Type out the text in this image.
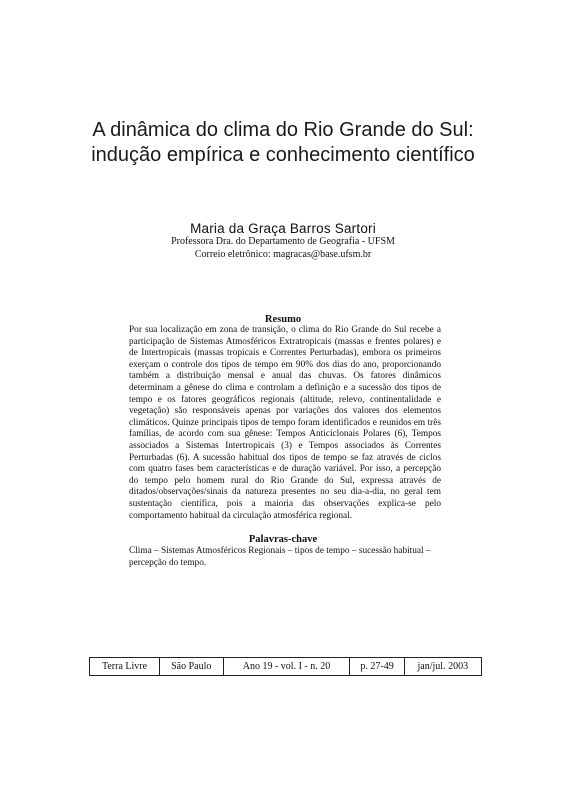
A dinâmica do clima do Rio Grande do Sul:
indução empírica e conhecimento científico
Maria da Graça Barros Sartori
Professora Dra. do Departamento de Geografia - UFSM
Correio eletrônico: magracas@base.ufsm.br
Resumo
Por sua localização em zona de transição, o clima do Rio Grande do Sul recebe a participação de Sistemas Atmosféricos Extratropicais (massas e frentes polares) e de Intertropicais (massas tropicais e Correntes Perturbadas), embora os primeiros exerçam o controle dos tipos de tempo em 90% dos dias do ano, proporcionando também a distribuição mensal e anual das chuvas. Os fatores dinâmicos determinam a gênese do clima e controlam a definição e a sucessão dos tipos de tempo e os fatores geográficos regionais (altitude, relevo, continentalidade e vegetação) são responsáveis apenas por variações dos valores dos elementos climáticos. Quinze principais tipos de tempo foram identificados e reunidos em três famílias, de acordo com sua gênese: Tempos Anticiclonais Polares (6), Tempos associados a Sistemas Intertropicais (3) e Tempos associados às Correntes Perturbadas (6). A sucessão habitual dos tipos de tempo se faz através de ciclos com quatro fases bem características e de duração variável. Por isso, a percepção do tempo pelo homem rural do Rio Grande do Sul, expressa através de ditados/observações/sinais da natureza presentes no seu dia-a-dia, no geral tem sustentação científica, pois a maioria das observações explica-se pelo comportamento habitual da circulação atmosférica regional.
Palavras-chave
Clima – Sistemas Atmosféricos Regionais – tipos de tempo – sucessão habitual – percepção do tempo.
Terra Livre	São Paulo	Ano 19 - vol. I - n. 20	p. 27-49	jan/jul. 2003
